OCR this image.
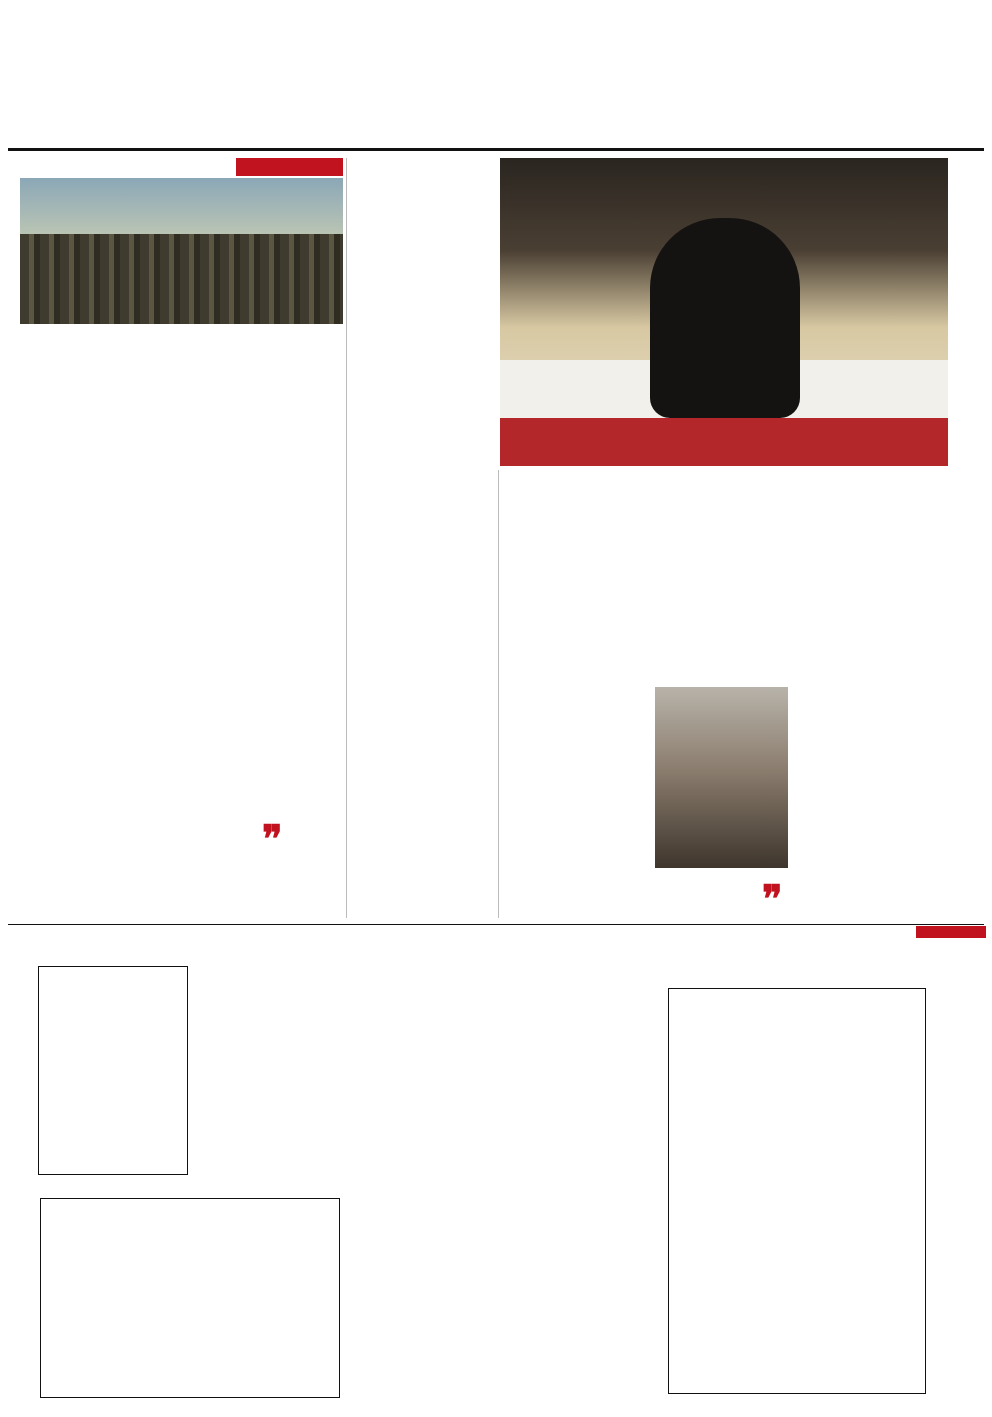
❞
❞
